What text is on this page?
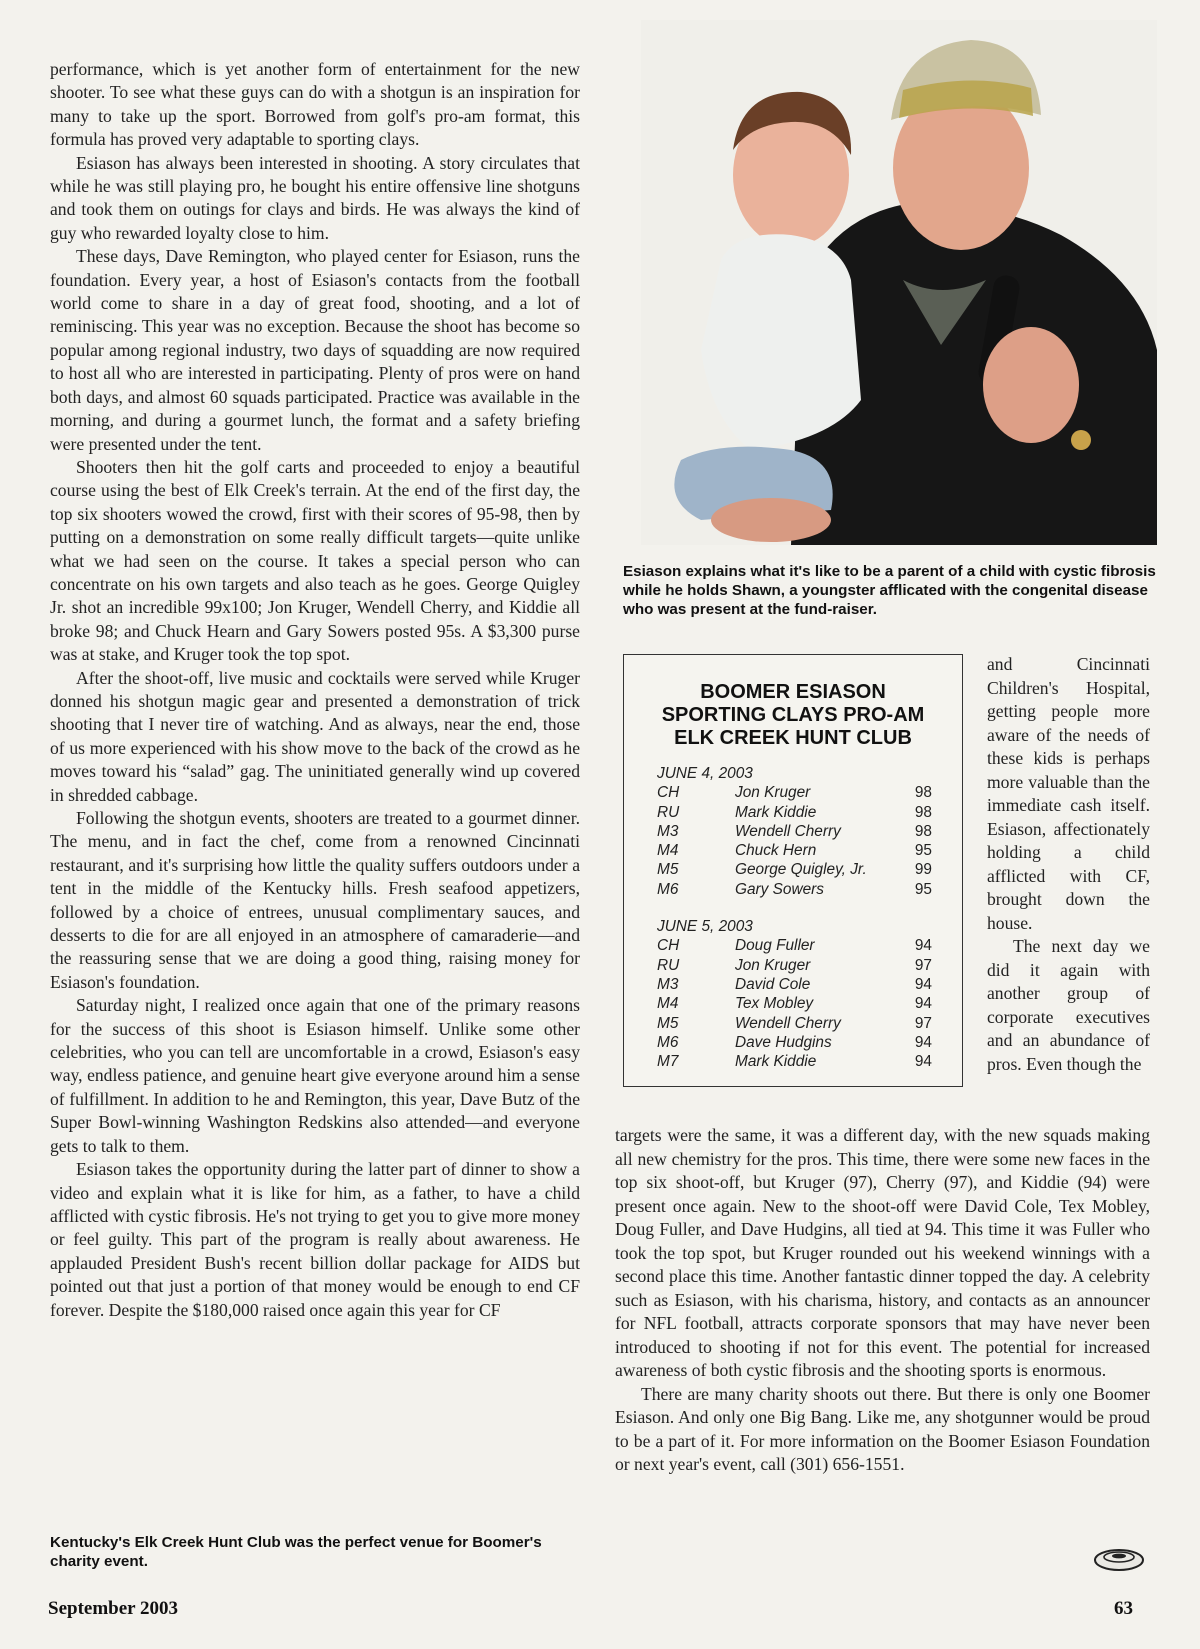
performance, which is yet another form of entertainment for the new shooter. To see what these guys can do with a shotgun is an inspiration for many to take up the sport. Borrowed from golf's pro-am format, this formula has proved very adaptable to sporting clays.

Esiason has always been interested in shooting. A story circulates that while he was still playing pro, he bought his entire offensive line shotguns and took them on outings for clays and birds. He was always the kind of guy who rewarded loyalty close to him.

These days, Dave Remington, who played center for Esiason, runs the foundation. Every year, a host of Esiason's contacts from the football world come to share in a day of great food, shooting, and a lot of reminiscing. This year was no exception. Because the shoot has become so popular among regional industry, two days of squadding are now required to host all who are interested in participating. Plenty of pros were on hand both days, and almost 60 squads participated. Practice was available in the morning, and during a gourmet lunch, the format and a safety briefing were presented under the tent.

Shooters then hit the golf carts and proceeded to enjoy a beautiful course using the best of Elk Creek's terrain. At the end of the first day, the top six shooters wowed the crowd, first with their scores of 95-98, then by putting on a demonstration on some really difficult targets—quite unlike what we had seen on the course. It takes a special person who can concentrate on his own targets and also teach as he goes. George Quigley Jr. shot an incredible 99x100; Jon Kruger, Wendell Cherry, and Kiddie all broke 98; and Chuck Hearn and Gary Sowers posted 95s. A $3,300 purse was at stake, and Kruger took the top spot.

After the shoot-off, live music and cocktails were served while Kruger donned his shotgun magic gear and presented a demonstration of trick shooting that I never tire of watching. And as always, near the end, those of us more experienced with his show move to the back of the crowd as he moves toward his “salad” gag. The uninitiated generally wind up covered in shredded cabbage.

Following the shotgun events, shooters are treated to a gourmet dinner. The menu, and in fact the chef, come from a renowned Cincinnati restaurant, and it's surprising how little the quality suffers outdoors under a tent in the middle of the Kentucky hills. Fresh seafood appetizers, followed by a choice of entrees, unusual complimentary sauces, and desserts to die for are all enjoyed in an atmosphere of camaraderie—and the reassuring sense that we are doing a good thing, raising money for Esiason's foundation.

Saturday night, I realized once again that one of the primary reasons for the success of this shoot is Esiason himself. Unlike some other celebrities, who you can tell are uncomfortable in a crowd, Esiason's easy way, endless patience, and genuine heart give everyone around him a sense of fulfillment. In addition to he and Remington, this year, Dave Butz of the Super Bowl-winning Washington Redskins also attended—and everyone gets to talk to them.

Esiason takes the opportunity during the latter part of dinner to show a video and explain what it is like for him, as a father, to have a child afflicted with cystic fibrosis. He's not trying to get you to give more money or feel guilty. This part of the program is really about awareness. He applauded President Bush's recent billion dollar package for AIDS but pointed out that just a portion of that money would be enough to end CF forever. Despite the $180,000 raised once again this year for CF

Kentucky's Elk Creek Hunt Club was the perfect venue for Boomer's charity event.
Esiason explains what it's like to be a parent of a child with cystic fibrosis while he holds Shawn, a youngster afflicated with the congenital disease who was present at the fund-raiser.
BOOMER ESIASON
SPORTING CLAYS PRO-AM
ELK CREEK HUNT CLUB
JUNE 4, 2003
CH	Jon Kruger	98
RU	Mark Kiddie	98
M3	Wendell Cherry	98
M4	Chuck Hern	95
M5	George Quigley, Jr.	99
M6	Gary Sowers	95
JUNE 5, 2003
CH	Doug Fuller	94
RU	Jon Kruger	97
M3	David Cole	94
M4	Tex Mobley	94
M5	Wendell Cherry	97
M6	Dave Hudgins	94
M7	Mark Kiddie	94

and Cincinnati Children's Hospital, getting people more aware of the needs of these kids is perhaps more valuable than the immediate cash itself. Esiason, affectionately holding a child afflicted with CF, brought down the house.

The next day we did it again with another group of corporate executives and an abundance of pros. Even though the

targets were the same, it was a different day, with the new squads making all new chemistry for the pros. This time, there were some new faces in the top six shoot-off, but Kruger (97), Cherry (97), and Kiddie (94) were present once again. New to the shoot-off were David Cole, Tex Mobley, Doug Fuller, and Dave Hudgins, all tied at 94. This time it was Fuller who took the top spot, but Kruger rounded out his weekend winnings with a second place this time. Another fantastic dinner topped the day. A celebrity such as Esiason, with his charisma, history, and contacts as an announcer for NFL football, attracts corporate sponsors that may have never been introduced to shooting if not for this event. The potential for increased awareness of both cystic fibrosis and the shooting sports is enormous.

There are many charity shoots out there. But there is only one Boomer Esiason. And only one Big Bang. Like me, any shotgunner would be proud to be a part of it. For more information on the Boomer Esiason Foundation or next year's event, call (301) 656-1551.

September 2003	63
